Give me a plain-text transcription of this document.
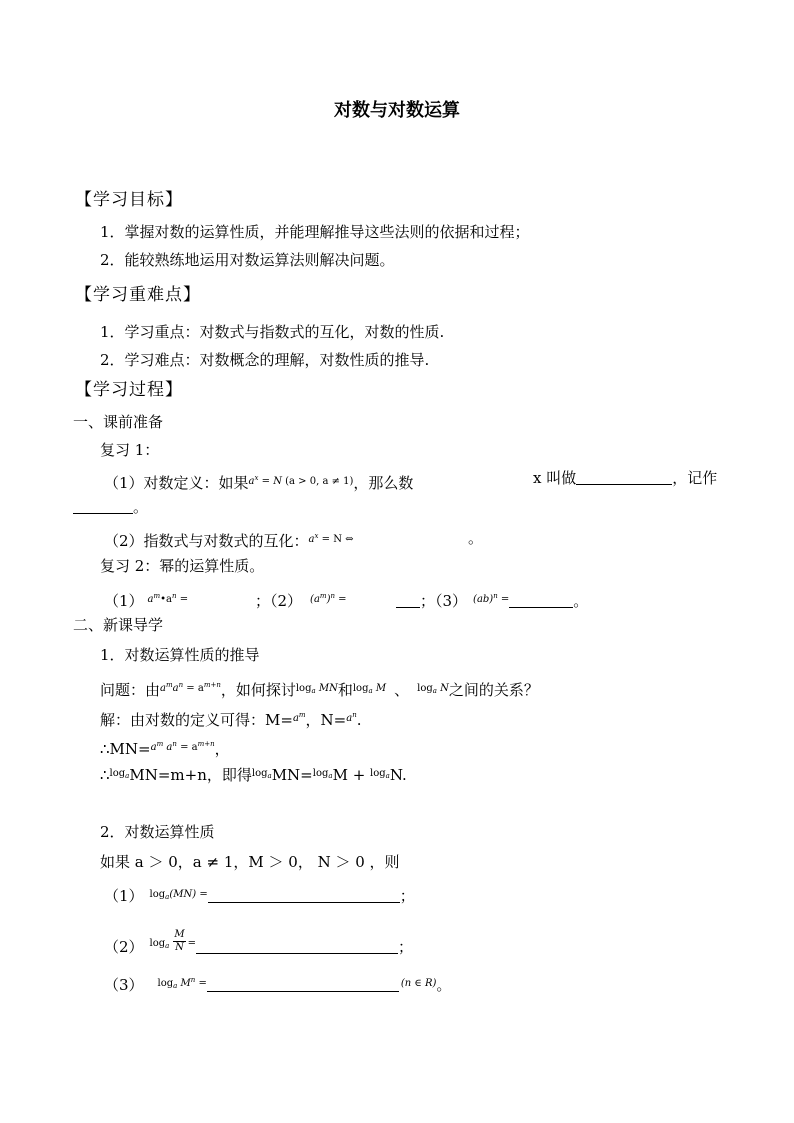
对数与对数运算
【学习目标】
1．掌握对数的运算性质，并能理解推导这些法则的依据和过程；
2．能较熟练地运用对数运算法则解决问题。
【学习重难点】
1．学习重点：对数式与指数式的互化，对数的性质.
2．学习难点：对数概念的理解，对数性质的推导.
【学习过程】
一、课前准备
复习 1：
（1）对数定义：如果$^{a^x = N (a > 0, a \ne 1)}$，那么数	x 叫做	，记作
。
（2）指数式与对数式的互化：$^{a^x = N \Leftrightarrow}$	。
复习 2：幂的运算性质。
（1） $^{a^m•a^n =}$	；（2） $^{(a^m)^n =}$	；（3） $^{(ab)^n =}$	。
二、新课导学
1．对数运算性质的推导
问题：由$^{a^ma^n = a^{m+n}}$，如何探讨$^{log_a MN}$和$^{log_a M}$ 、 $^{log_a N}$之间的关系？
解：由对数的定义可得：M=$^{a^m}$，N=$^{a^n}$.
∴MN=$^{a^m a^n = a^{m+n}}$，
∴$^{log_a}$MN=m+n，即得$^{log_a}$MN=$^{log_a}$M + $^{log_a}$N.
2．对数运算性质
如果 a ＞ 0，a ≠ 1，M ＞ 0， N ＞ 0 ，则
（1） $^{log_a(MN) =}$	；
（2） $^{log_a} \frac{M}{N} ^=$	；
（3） $^{log_a M^n =}$	$^{(n \in R)}$。
